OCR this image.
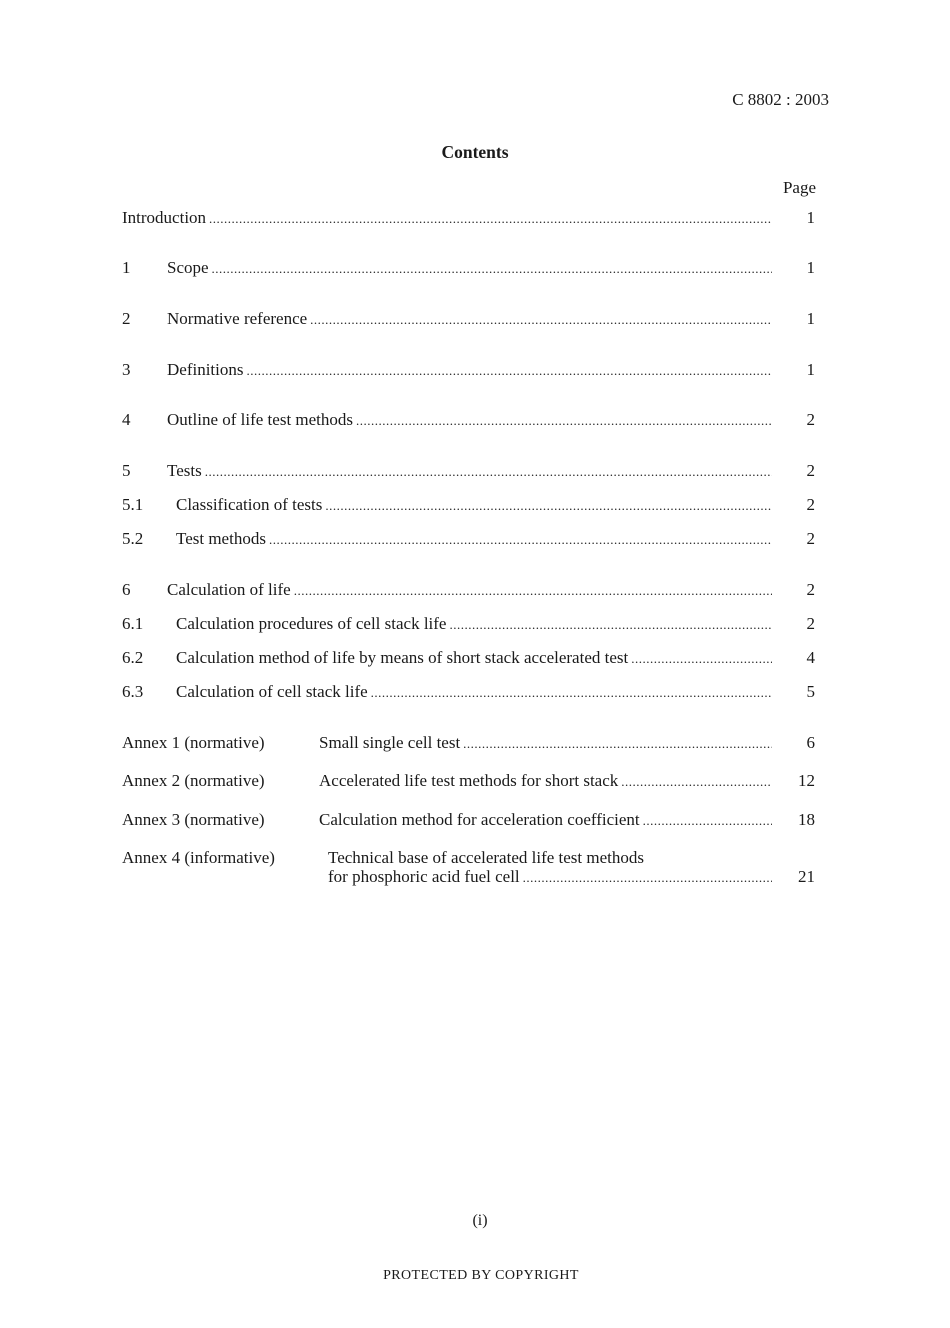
C 8802 : 2003
Contents
Page
Introduction .....	1
1 Scope .....	1
2 Normative reference .....	1
3 Definitions .....	1
4 Outline of life test methods .....	2
5 Tests .....	2
5.1 Classification of tests .....	2
5.2 Test methods .....	2
6 Calculation of life .....	2
6.1 Calculation procedures of cell stack life .....	2
6.2 Calculation method of life by means of short stack accelerated test .....	4
6.3 Calculation of cell stack life .....	5
Annex 1 (normative)	Small single cell test .....	6
Annex 2 (normative)	Accelerated life test methods for short stack .....	12
Annex 3 (normative)	Calculation method for acceleration coefficient .....	18
Annex 4 (informative)	Technical base of accelerated life test methods
for phosphoric acid fuel cell .....	21
(i)
PROTECTED BY COPYRIGHT
